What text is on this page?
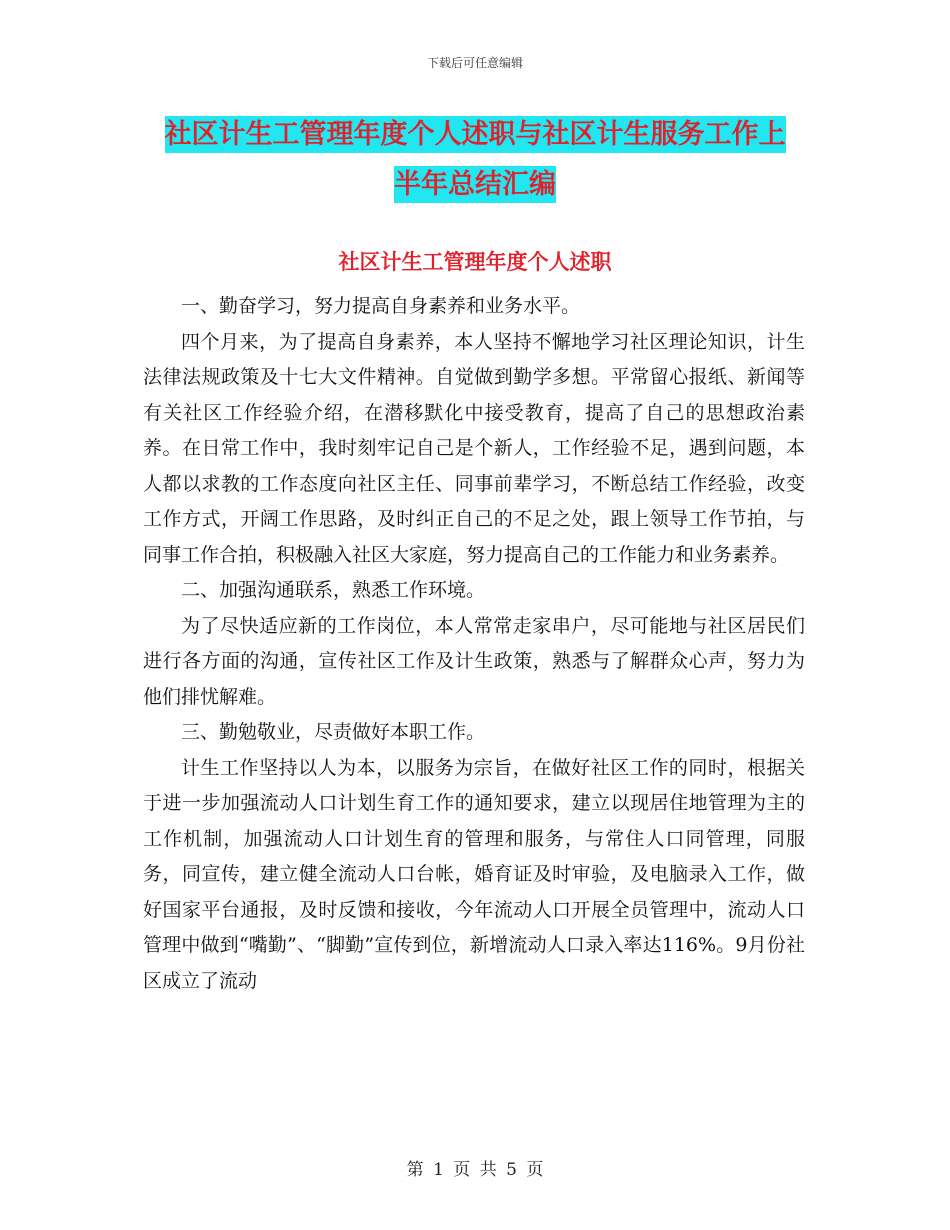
下载后可任意编辑
社区计生工管理年度个人述职与社区计生服务工作上
半年总结汇编
社区计生工管理年度个人述职

一、勤奋学习，努力提高自身素养和业务水平。

四个月来，为了提高自身素养，本人坚持不懈地学习社区理论知识，计生法律法规政策及十七大文件精神。自觉做到勤学多想。平常留心报纸、新闻等有关社区工作经验介绍，在潜移默化中接受教育，提高了自己的思想政治素养。在日常工作中，我时刻牢记自己是个新人，工作经验不足，遇到问题，本人都以求教的工作态度向社区主任、同事前辈学习，不断总结工作经验，改变工作方式，开阔工作思路，及时纠正自己的不足之处，跟上领导工作节拍，与同事工作合拍，积极融入社区大家庭，努力提高自己的工作能力和业务素养。

二、加强沟通联系，熟悉工作环境。

为了尽快适应新的工作岗位，本人常常走家串户，尽可能地与社区居民们进行各方面的沟通，宣传社区工作及计生政策，熟悉与了解群众心声，努力为他们排忧解难。

三、勤勉敬业，尽责做好本职工作。

计生工作坚持以人为本，以服务为宗旨，在做好社区工作的同时，根据关于进一步加强流动人口计划生育工作的通知要求，建立以现居住地管理为主的工作机制，加强流动人口计划生育的管理和服务，与常住人口同管理，同服务，同宣传，建立健全流动人口台帐，婚育证及时审验，及电脑录入工作，做好国家平台通报，及时反馈和接收，今年流动人口开展全员管理中，流动人口管理中做到“嘴勤”、“脚勤”宣传到位，新增流动人口录入率达116%。9月份社区成立了流动

第 1 页 共 5 页
